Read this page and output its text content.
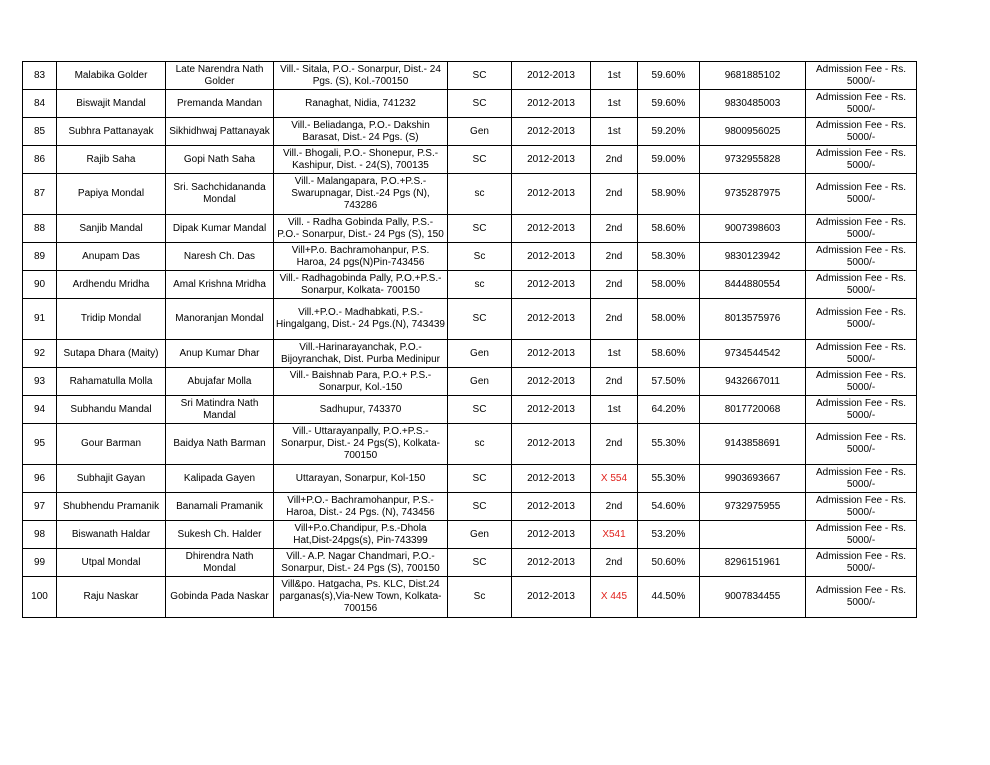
83	Malabika Golder	Late Narendra Nath Golder	Vill.- Sitala, P.O.- Sonarpur, Dist.- 24 Pgs. (S), Kol.-700150	SC	2012-2013	1st	59.60%	9681885102	Admission Fee - Rs. 5000/-
84	Biswajit Mandal	Premanda Mandan	Ranaghat, Nidia, 741232	SC	2012-2013	1st	59.60%	9830485003	Admission Fee - Rs. 5000/-
85	Subhra Pattanayak	Sikhidhwaj Pattanayak	Vill.- Beliadanga, P.O.- Dakshin Barasat, Dist.- 24 Pgs. (S)	Gen	2012-2013	1st	59.20%	9800956025	Admission Fee - Rs. 5000/-
86	Rajib Saha	Gopi Nath Saha	Vill.- Bhogali, P.O.- Shonepur, P.S.- Kashipur, Dist. - 24(S), 700135	SC	2012-2013	2nd	59.00%	9732955828	Admission Fee - Rs. 5000/-
87	Papiya Mondal	Sri. Sachchidananda Mondal	Vill.- Malangapara, P.O.+P.S.- Swarupnagar, Dist.-24 Pgs (N), 743286	sc	2012-2013	2nd	58.90%	9735287975	Admission Fee - Rs. 5000/-
88	Sanjib Mandal	Dipak Kumar Mandal	Vill. - Radha Gobinda Pally, P.S.- P.O.- Sonarpur, Dist.- 24 Pgs (S), 150	SC	2012-2013	2nd	58.60%	9007398603	Admission Fee - Rs. 5000/-
89	Anupam Das	Naresh Ch. Das	Vill+P.o. Bachramohanpur, P.S. Haroa, 24 pgs(N)Pin-743456	Sc	2012-2013	2nd	58.30%	9830123942	Admission Fee - Rs. 5000/-
90	Ardhendu Mridha	Amal Krishna Mridha	Vill.- Radhagobinda Pally, P.O.+P.S.- Sonarpur, Kolkata- 700150	sc	2012-2013	2nd	58.00%	8444880554	Admission Fee - Rs. 5000/-
91	Tridip Mondal	Manoranjan Mondal	Vill.+P.O.- Madhabkati, P.S.- Hingalgang, Dist.- 24 Pgs.(N), 743439	SC	2012-2013	2nd	58.00%	8013575976	Admission Fee - Rs. 5000/-
92	Sutapa Dhara (Maity)	Anup Kumar Dhar	Vill.-Harinarayanchak, P.O.- Bijoyranchak, Dist. Purba Medinipur	Gen	2012-2013	1st	58.60%	9734544542	Admission Fee - Rs. 5000/-
93	Rahamatulla Molla	Abujafar Molla	Vill.- Baishnab Para, P.O.+ P.S.- Sonarpur, Kol.-150	Gen	2012-2013	2nd	57.50%	9432667011	Admission Fee - Rs. 5000/-
94	Subhandu Mandal	Sri Matindra Nath Mandal	Sadhupur, 743370	SC	2012-2013	1st	64.20%	8017720068	Admission Fee - Rs. 5000/-
95	Gour Barman	Baidya Nath Barman	Vill.- Uttarayanpally, P.O.+P.S.- Sonarpur, Dist.- 24 Pgs(S), Kolkata- 700150	sc	2012-2013	2nd	55.30%	9143858691	Admission Fee - Rs. 5000/-
96	Subhajit Gayan	Kalipada Gayen	Uttarayan, Sonarpur, Kol-150	SC	2012-2013	X 554	55.30%	9903693667	Admission Fee - Rs. 5000/-
97	Shubhendu Pramanik	Banamali Pramanik	Vill+P.O.- Bachramohanpur, P.S.- Haroa, Dist.- 24 Pgs. (N), 743456	SC	2012-2013	2nd	54.60%	9732975955	Admission Fee - Rs. 5000/-
98	Biswanath Haldar	Sukesh Ch. Halder	Vill+P.o.Chandipur, P.s.-Dhola Hat,Dist-24pgs(s), Pin-743399	Gen	2012-2013	X541	53.20%		Admission Fee - Rs. 5000/-
99	Utpal Mondal	Dhirendra Nath Mondal	Vill.- A.P. Nagar Chandmari, P.O.- Sonarpur, Dist.- 24 Pgs (S), 700150	SC	2012-2013	2nd	50.60%	8296151961	Admission Fee - Rs. 5000/-
100	Raju Naskar	Gobinda Pada Naskar	Vill&po. Hatgacha, Ps. KLC, Dist.24 parganas(s),Via-New Town, Kolkata-700156	Sc	2012-2013	X 445	44.50%	9007834455	Admission Fee - Rs. 5000/-
